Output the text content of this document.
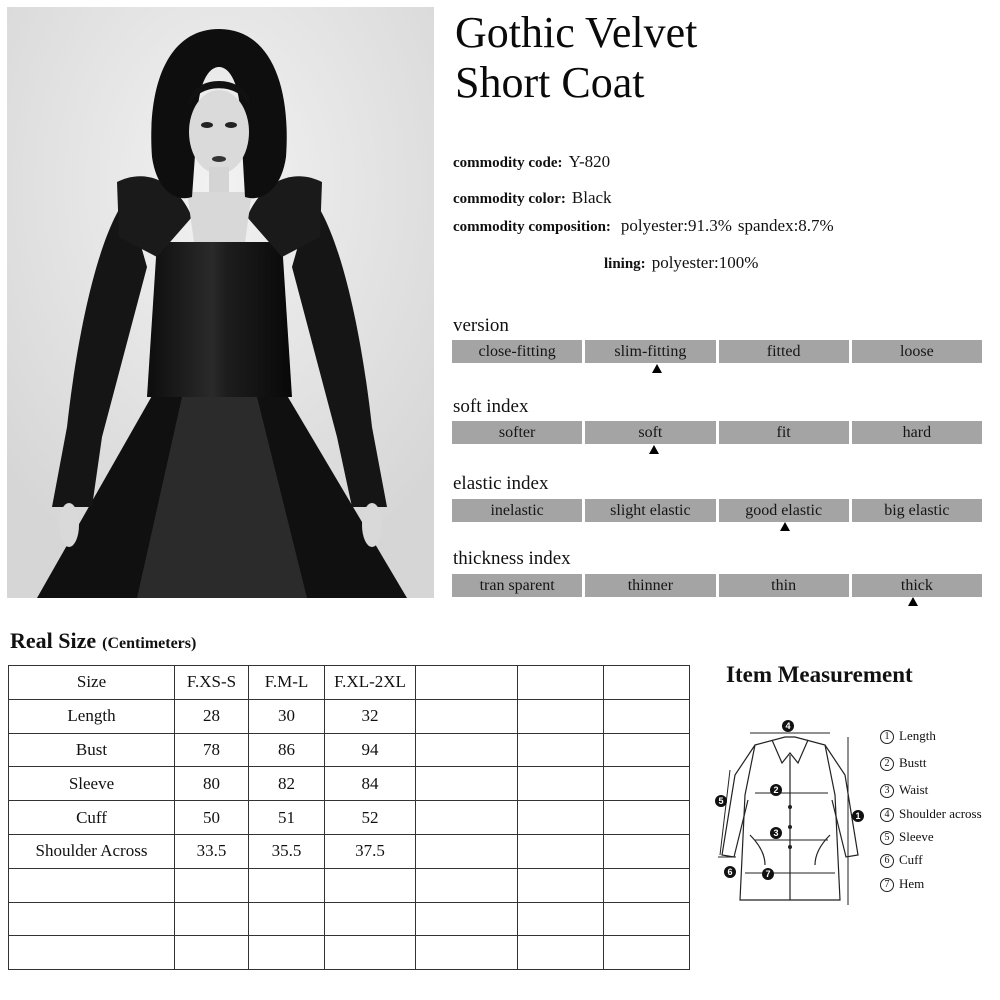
Gothic Velvet
Short Coat
commodity code: Y-820
commodity color: Black
commodity composition: polyester:91.3% spandex:8.7%
lining: polyester:100%
version
close-fitting	slim-fitting	fitted	loose
soft index
softer	soft	fit	hard
elastic index
inelastic	slight elastic	good elastic	big elastic
thickness index
tran sparent	thinner	thin	thick
Real Size (Centimeters)
Size	F.XS-S	F.M-L	F.XL-2XL			
Length	28	30	32			
Bust	78	86	94			
Sleeve	80	82	84			
Cuff	50	51	52			
Shoulder Across	33.5	35.5	37.5			

Item Measurement
4
2
3
5
1
6	7
1 Length
2 Bustt
3 Waist
4 Shoulder across
5 Sleeve
6 Cuff
7 Hem
